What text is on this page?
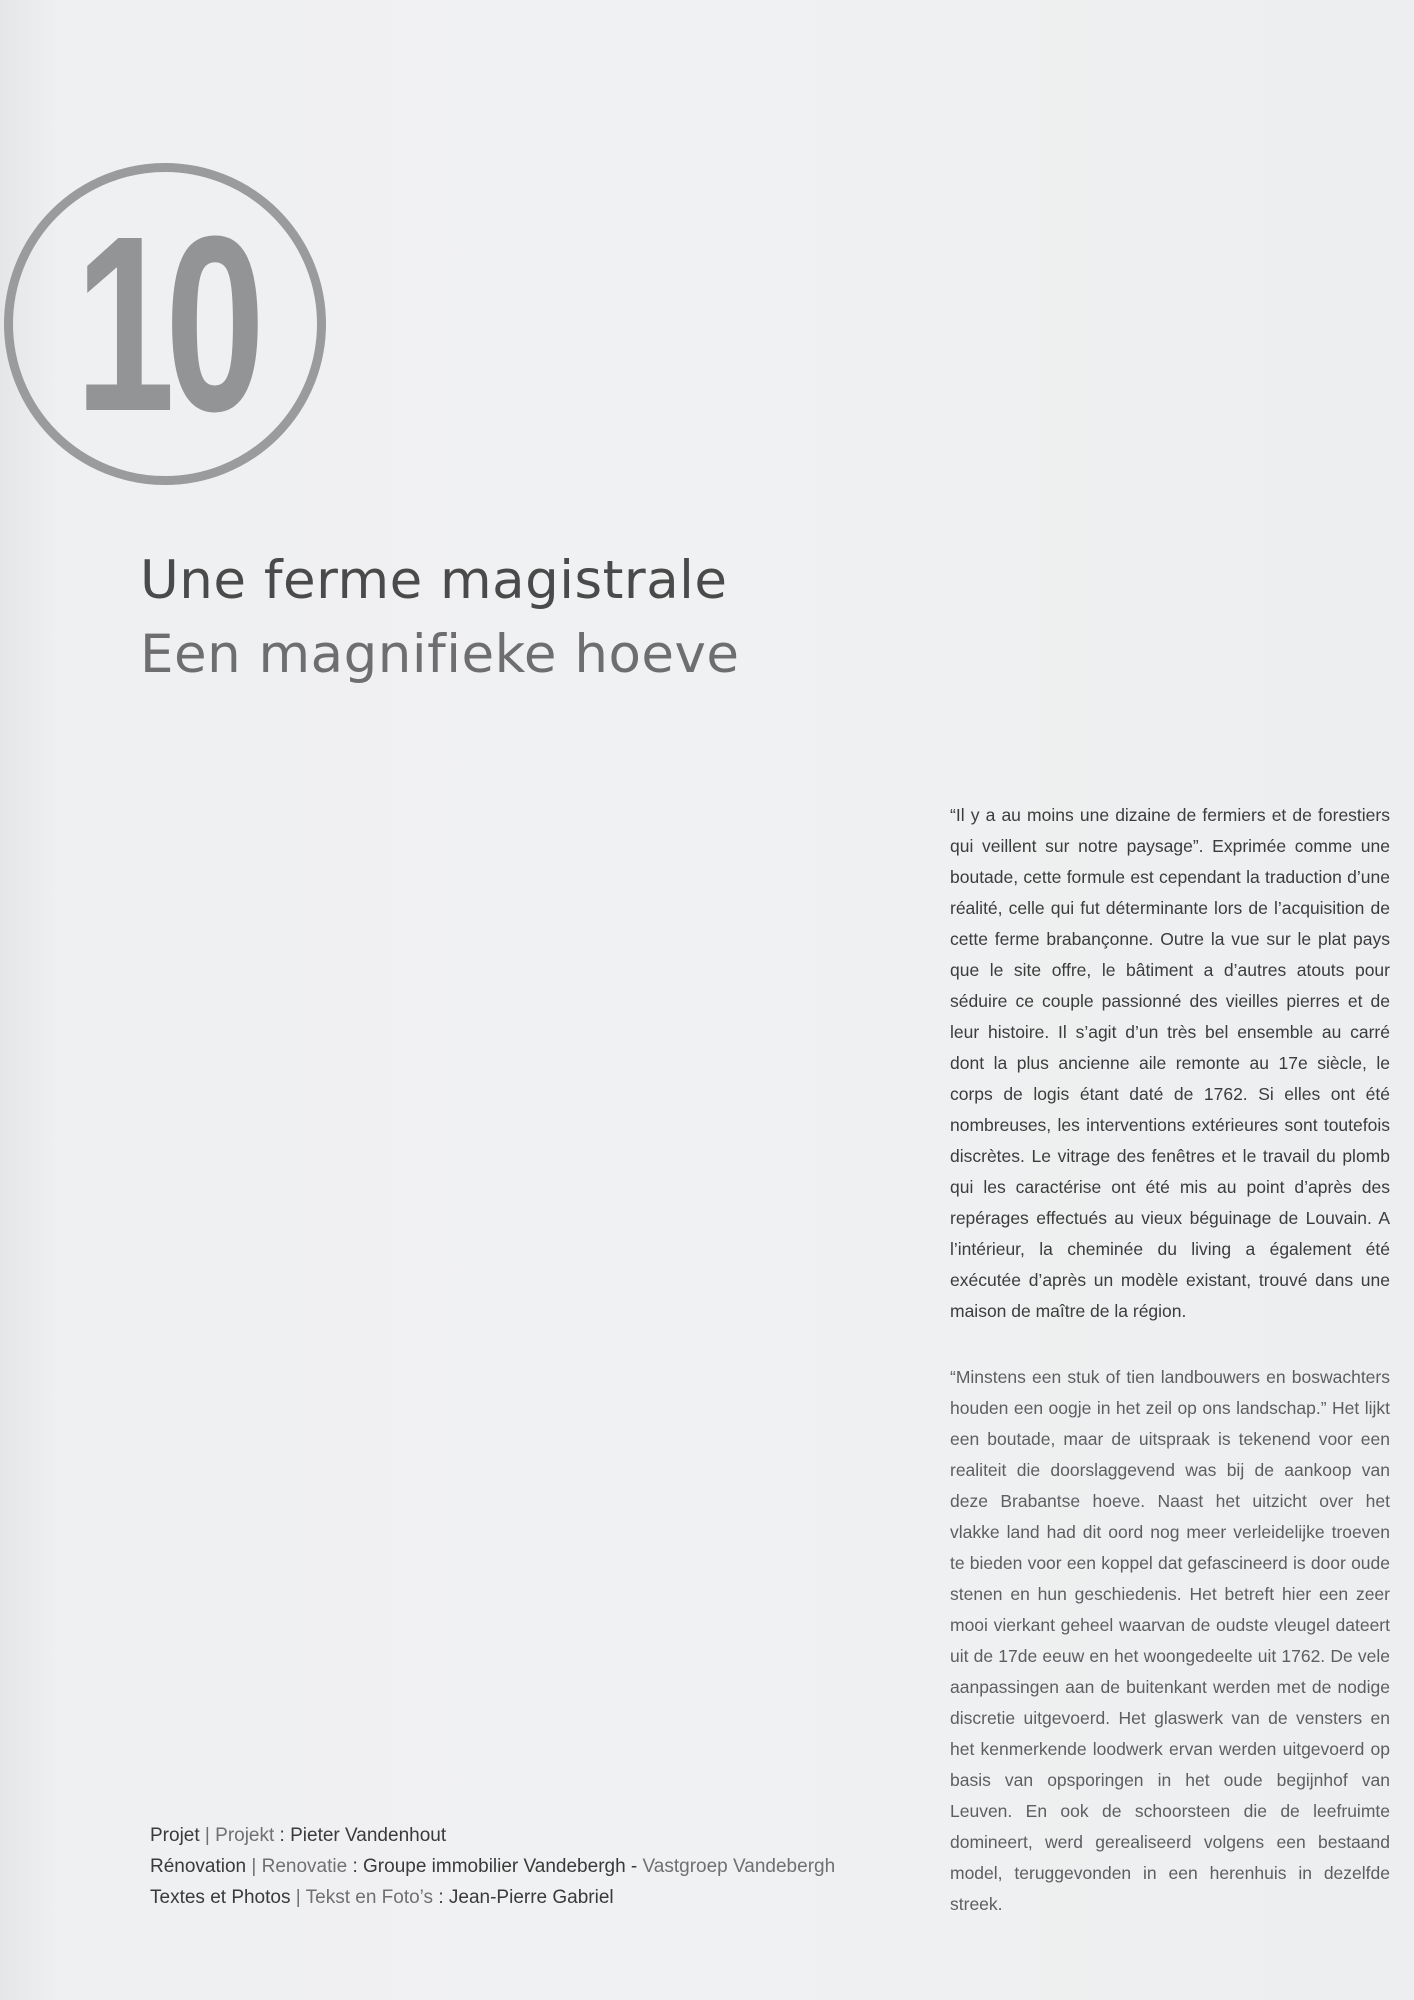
10
Une ferme magistrale
Een magnifieke hoeve

“Il y a au moins une dizaine de fermiers et de forestiers qui veillent sur notre paysage”. Exprimée comme une boutade, cette formule est cependant la traduction d’une réalité, celle qui fut déterminante lors de l’acquisition de cette ferme brabançonne. Outre la vue sur le plat pays que le site offre, le bâtiment a d’autres atouts pour séduire ce couple passionné des vieilles pierres et de leur histoire. Il s’agit d’un très bel ensemble au carré dont la plus ancienne aile remonte au 17e siècle, le corps de logis étant daté de 1762. Si elles ont été nombreuses, les interventions extérieures sont toutefois discrètes. Le vitrage des fenêtres et le travail du plomb qui les caractérise ont été mis au point d’après des repérages effectués au vieux béguinage de Louvain. A l’intérieur, la cheminée du living a également été exécutée d’après un modèle existant, trouvé dans une maison de maître de la région.

“Minstens een stuk of tien landbouwers en boswachters houden een oogje in het zeil op ons landschap.” Het lijkt een boutade, maar de uitspraak is tekenend voor een realiteit die doorslaggevend was bij de aankoop van deze Brabantse hoeve. Naast het uitzicht over het vlakke land had dit oord nog meer verleidelijke troeven te bieden voor een koppel dat gefascineerd is door oude stenen en hun geschiedenis. Het betreft hier een zeer mooi vierkant geheel waarvan de oudste vleugel dateert uit de 17de eeuw en het woongedeelte uit 1762. De vele aanpassingen aan de buitenkant werden met de nodige discretie uitgevoerd. Het glaswerk van de vensters en het kenmerkende loodwerk ervan werden uitgevoerd op basis van opsporingen in het oude begijnhof van Leuven. En ook de schoorsteen die de leefruimte domineert, werd gerealiseerd volgens een bestaand model, teruggevonden in een herenhuis in dezelfde streek.

Projet | Projekt : Pieter Vandenhout
Rénovation | Renovatie : Groupe immobilier Vandebergh - Vastgroep Vandebergh
Textes et Photos | Tekst en Foto’s : Jean-Pierre Gabriel
